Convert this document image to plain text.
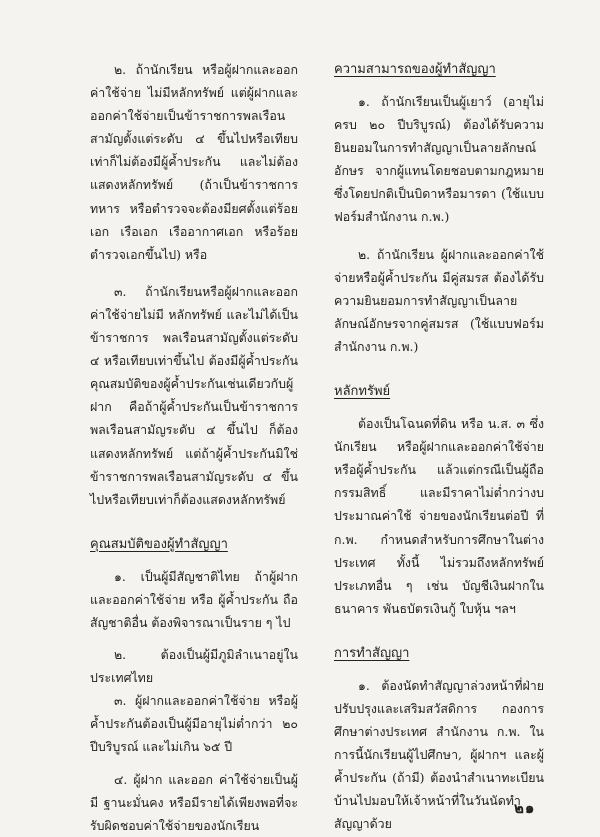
๒. ถ้านักเรียน หรือผู้ฝากและออกค่าใช้จ่าย ไม่มีหลักทรัพย์ แต่ผู้ฝากและออกค่าใช้จ่ายเป็นข้าราชการพลเรือนสามัญตั้งแต่ระดับ ๔ ขึ้นไปหรือเทียบเท่าก็ไม่ต้องมีผู้ค้ำประกัน และไม่ต้องแสดงหลักทรัพย์ (ถ้าเป็นข้าราชการทหาร หรือตำรวจจะต้องมียศตั้งแต่ร้อยเอก เรือเอก เรืออากาศเอก หรือร้อยตำรวจเอกขึ้นไป) หรือ

๓. ถ้านักเรียนหรือผู้ฝากและออกค่าใช้จ่ายไม่มี หลักทรัพย์ และไม่ได้เป็น ข้าราชการ พลเรือนสามัญตั้งแต่ระดับ ๔ หรือเทียบเท่าขึ้นไป ต้องมีผู้ค้ำประกัน คุณสมบัติของผู้ค้ำประกันเช่นเดียวกับผู้ฝาก คือถ้าผู้ค้ำประกันเป็นข้าราชการพลเรือนสามัญระดับ ๔ ขึ้นไป ก็ต้องแสดงหลักทรัพย์ แต่ถ้าผู้ค้ำประกันมิใช่ข้าราชการพลเรือนสามัญระดับ ๔ ขึ้นไปหรือเทียบเท่าก็ต้องแสดงหลักทรัพย์

คุณสมบัติของผู้ทำสัญญา

๑. เป็นผู้มีสัญชาติไทย ถ้าผู้ฝากและออกค่าใช้จ่าย หรือ ผู้ค้ำประกัน ถือสัญชาติอื่น ต้องพิจารณาเป็นราย ๆ ไป

๒. ต้องเป็นผู้มีภูมิลำเนาอยู่ในประเทศไทย

๓. ผู้ฝากและออกค่าใช้จ่าย หรือผู้ค้ำประกันต้องเป็นผู้มีอายุไม่ต่ำกว่า ๒๐ ปีบริบูรณ์ และไม่เกิน ๖๕ ปี

๔. ผู้ฝาก และออก ค่าใช้จ่ายเป็นผู้มี ฐานะมั่นคง หรือมีรายได้เพียงพอที่จะรับผิดชอบค่าใช้จ่ายของนักเรียน

ความสามารถของผู้ทำสัญญา

๑. ถ้านักเรียนเป็นผู้เยาว์ (อายุไม่ครบ ๒๐ ปีบริบูรณ์) ต้องได้รับความยินยอมในการทำสัญญาเป็นลายลักษณ์อักษร จากผู้แทนโดยชอบตามกฎหมาย ซึ่งโดยปกติเป็นบิดาหรือมารดา (ใช้แบบฟอร์มสำนักงาน ก.พ.)

๒. ถ้านักเรียน ผู้ฝากและออกค่าใช้จ่ายหรือผู้ค้ำประกัน มีคู่สมรส ต้องได้รับความยินยอมการทำสัญญาเป็นลายลักษณ์อักษรจากคู่สมรส (ใช้แบบฟอร์มสำนักงาน ก.พ.)

หลักทรัพย์

ต้องเป็นโฉนดที่ดิน หรือ น.ส. ๓ ซึ่งนักเรียน หรือผู้ฝากและออกค่าใช้จ่าย หรือผู้ค้ำประกัน แล้วแต่กรณีเป็นผู้ถือกรรมสิทธิ์ และมีราคาไม่ต่ำกว่างบ ประมาณค่าใช้ จ่ายของนักเรียนต่อปี ที่ ก.พ. กำหนดสำหรับการศึกษาในต่างประเทศ ทั้งนี้ ไม่รวมถึงหลักทรัพย์ประเภทอื่น ๆ เช่น บัญชีเงินฝากในธนาคาร พันธบัตรเงินกู้ ใบหุ้น ฯลฯ

การทำสัญญา

๑. ต้องนัดทำสัญญาล่วงหน้าที่ฝ่ายปรับปรุงและเสริมสวัสดิการ กองการศึกษาต่างประเทศ สำนักงาน ก.พ. ในการนี้นักเรียนผู้ไปศึกษา, ผู้ฝากฯ และผู้ค้ำประกัน (ถ้ามี) ต้องนำสำเนาทะเบียนบ้านไปมอบให้เจ้าหน้าที่ในวันนัดทำสัญญาด้วย

๒๑
